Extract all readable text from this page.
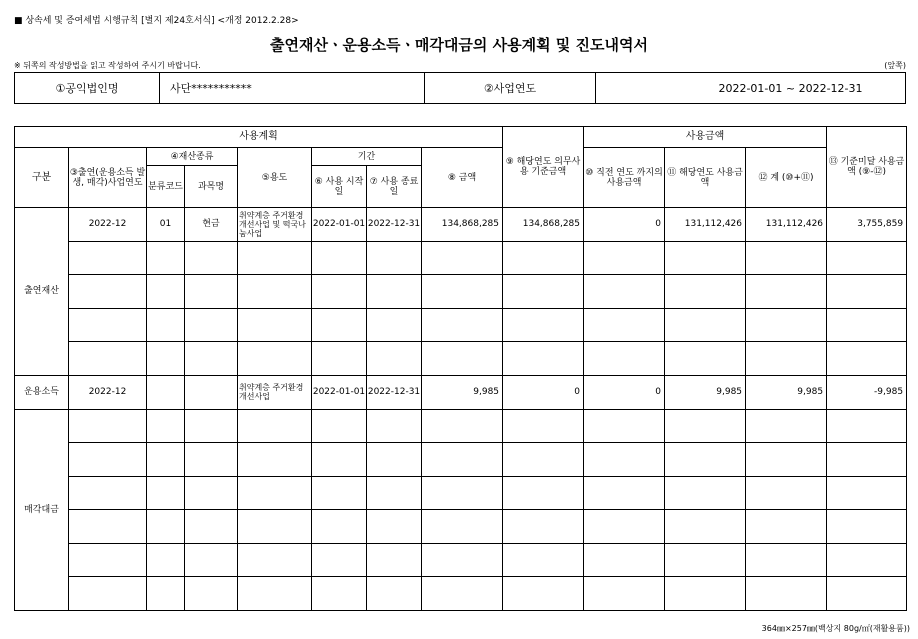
■ 상속세 및 증여세법 시행규칙 [별지 제24호서식] <개정 2012.2.28>
출연재산ㆍ운용소득ㆍ매각대금의 사용계획 및 진도내역서
※ 뒤쪽의 작성방법을 읽고 작성하여 주시기 바랍니다.	(앞쪽)
①공익법인명	사단***********	②사업연도	2022-01-01 ~ 2022-12-31
사용계획								⑨ 해당연도 의무사용 기준금액	사용금액			⑬ 기준미달 사용금액 (⑨-⑫)
구분	③출연(운용소득 발생, 매각)사업연도	④재산종류		⑤용도	기간		⑧ 금액		⑩ 직전 연도 까지의 사용금액	⑪ 해당연도 사용금액	⑫ 계 (⑩+⑪)	
		분류코드	과목명		⑥ 사용 시작일	⑦ 사용 종료일						
출연재산	2022-12	01	현금	취약계층 주거환경개선사업 및 떡국나눔사업	2022-01-01	2022-12-31	134,868,285	134,868,285	0	131,112,426	131,112,426	3,755,859

운용소득	2022-12			취약계층 주거환경개선사업	2022-01-01	2022-12-31	9,985	0	0	9,985	9,985	-9,985
매각대금												

364㎜×257㎜(백상지 80g/㎡(재활용품))
